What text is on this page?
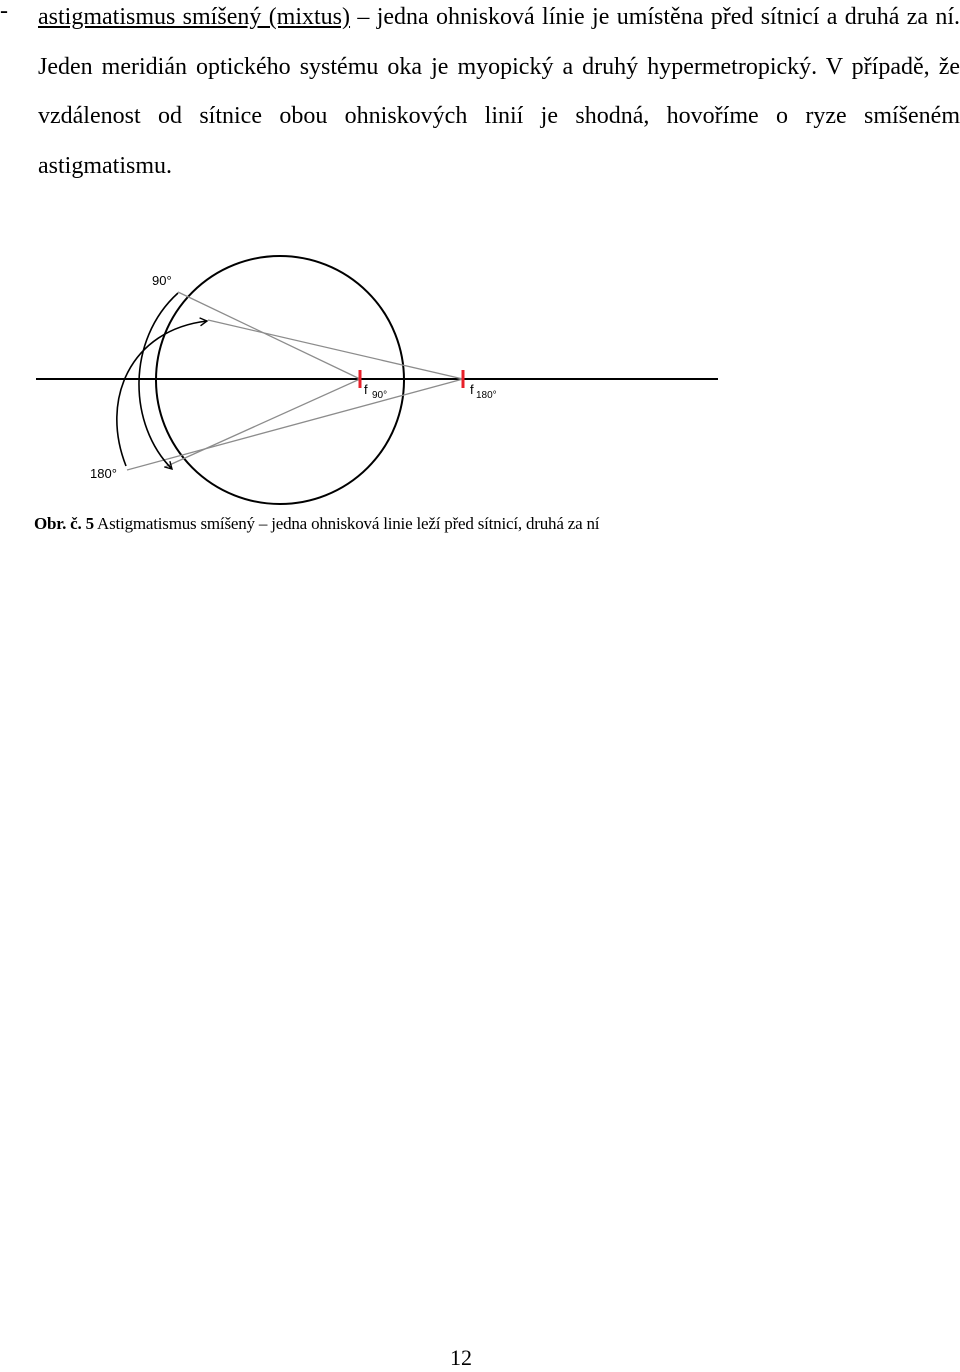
- astigmatismus smíšený (mixtus) – jedna ohnisková línie je umístěna před sítnicí a druhá za ní. Jeden meridián optického systému oka je myopický a druhý hypermetropický. V případě, že vzdálenost od sítnice obou ohniskových linií je shodná, hovoříme o ryze smíšeném astigmatismu.
90°
180°
f 90°	f 180°
Obr. č. 5 Astigmatismus smíšený – jedna ohnisková linie leží před sítnicí, druhá za ní
12
